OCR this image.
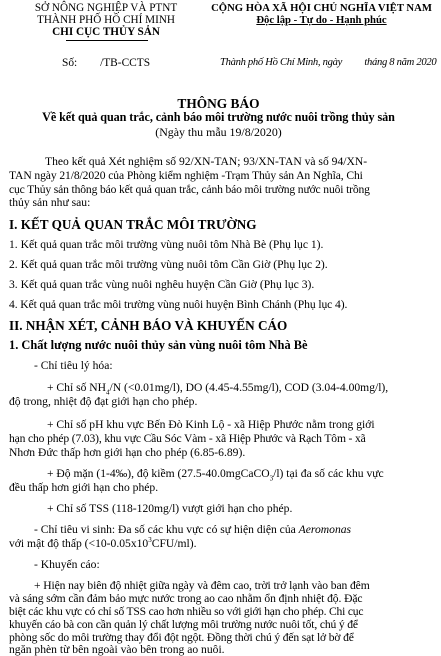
SỞ NÔNG NGHIỆP VÀ PTNT
THÀNH PHỐ HỒ CHÍ MINH
CHI CỤC THỦY SẢN
Số: /TB-CCTS
CỘNG HÒA XÃ HỘI CHỦ NGHĨA VIỆT NAM
Độc lập - Tự do - Hạnh phúc
Thành phố Hồ Chí Minh, ngày tháng 8 năm 2020
THÔNG BÁO
Về kết quả quan trắc, cảnh báo môi trường nước nuôi trồng thủy sản
(Ngày thu mẫu 19/8/2020)
Theo kết quả Xét nghiệm số 92/XN-TAN; 93/XN-TAN và số 94/XN-
TAN ngày 21/8/2020 của Phòng kiểm nghiệm -Trạm Thủy sản An Nghĩa, Chi
cục Thủy sản thông báo kết quả quan trắc, cảnh báo môi trường nước nuôi trồng
thủy sản như sau:
I. KẾT QUẢ QUAN TRẮC MÔI TRƯỜNG
1. Kết quả quan trắc môi trường vùng nuôi tôm Nhà Bè (Phụ lục 1).
2. Kết quả quan trắc môi trường vùng nuôi tôm Cần Giờ (Phụ lục 2).
3. Kết quả quan trắc vùng nuôi nghêu huyện Cần Giờ (Phụ lục 3).
4. Kết quả quan trắc môi trường vùng nuôi huyện Bình Chánh (Phụ lục 4).
II. NHẬN XÉT, CẢNH BÁO VÀ KHUYẾN CÁO
1. Chất lượng nước nuôi thủy sản vùng nuôi tôm Nhà Bè
- Chỉ tiêu lý hóa:
+ Chỉ số $NH_4/N$ (<0.01mg/l), DO (4.45-4.55mg/l), COD (3.04-4.00mg/l),
độ trong, nhiệt độ đạt giới hạn cho phép.
+ Chỉ số pH khu vực Bến Đò Kinh Lộ - xã Hiệp Phước nằm trong giới
hạn cho phép (7.03), khu vực Cầu Sóc Vàm - xã Hiệp Phước và Rạch Tôm - xã
Nhơn Đức thấp hơn giới hạn cho phép (6.85-6.89).
+ Độ mặn (1-4‰), độ kiềm (27.5-40.0mgCaCO$_3$/l) tại đa số các khu vực
đều thấp hơn giới hạn cho phép.
+ Chỉ số TSS (118-120mg/l) vượt giới hạn cho phép.
- Chỉ tiêu vi sinh: Đa số các khu vực có sự hiện diện của Aeromonas
với mật độ thấp $(<10-0.05x10^3CFU/ml)$.
- Khuyến cáo:
+ Hiện nay biên độ nhiệt giữa ngày và đêm cao, trời trở lạnh vào ban đêm
và sáng sớm cần đảm bảo mực nước trong ao cao nhằm ổn định nhiệt độ. Đặc
biệt các khu vực có chỉ số TSS cao hơn nhiều so với giới hạn cho phép. Chi cục
khuyến cáo bà con cần quản lý chất lượng môi trường nước nuôi tốt, chú ý để
phòng sốc do môi trường thay đổi đột ngột. Đồng thời chú ý đến sạt lở bờ để
ngăn phèn từ bên ngoài vào bên trong ao nuôi.
